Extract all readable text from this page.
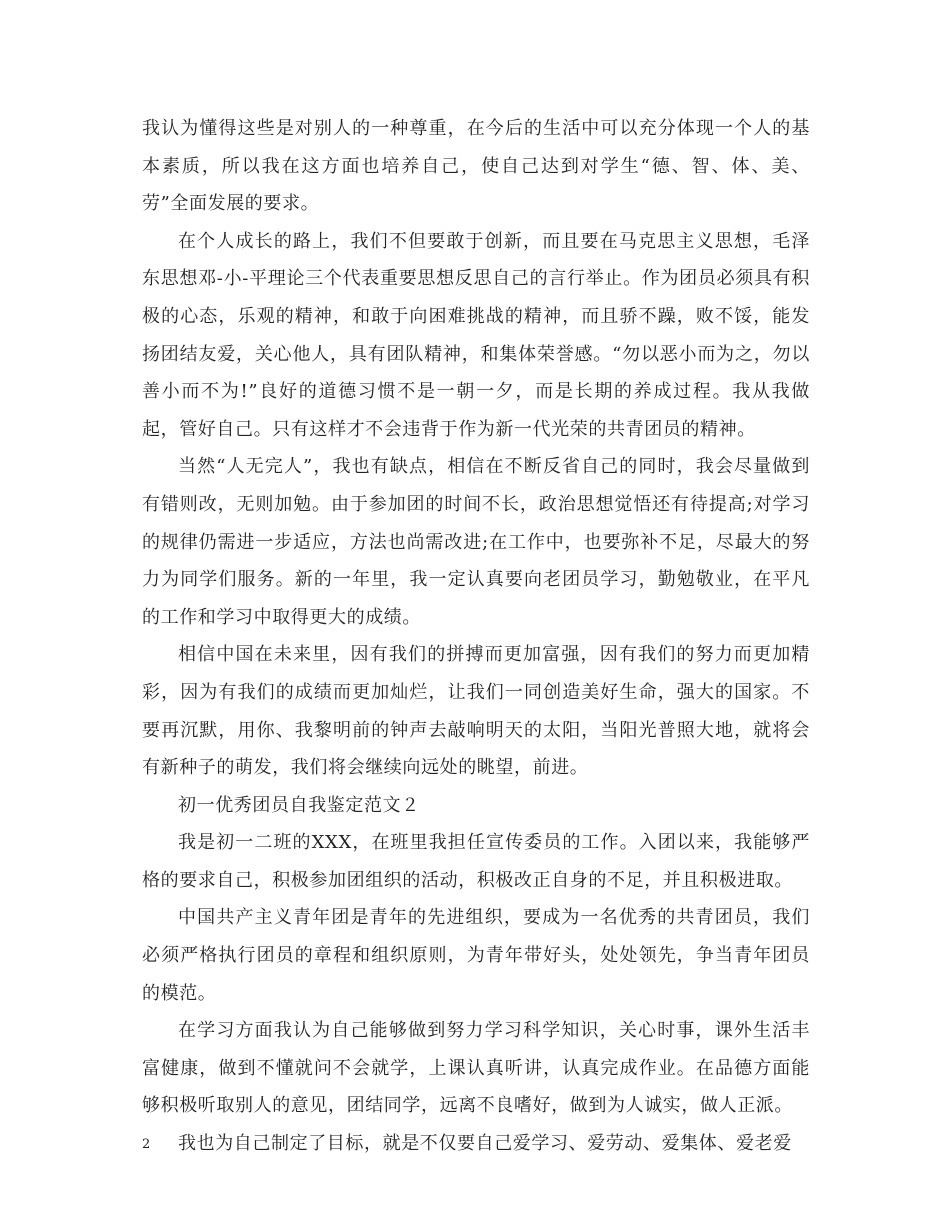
我认为懂得这些是对别人的一种尊重，在今后的生活中可以充分体现一个人的基本素质，所以我在这方面也培养自己，使自己达到对学生“德、智、体、美、劳”全面发展的要求。

在个人成长的路上，我们不但要敢于创新，而且要在马克思主义思想，毛泽东思想邓-小-平理论三个代表重要思想反思自己的言行举止。作为团员必须具有积极的心态，乐观的精神，和敢于向困难挑战的精神，而且骄不躁，败不馁，能发扬团结友爱，关心他人，具有团队精神，和集体荣誉感。“勿以恶小而为之，勿以善小而不为!”良好的道德习惯不是一朝一夕，而是长期的养成过程。我从我做起，管好自己。只有这样才不会违背于作为新一代光荣的共青团员的精神。

当然“人无完人”，我也有缺点，相信在不断反省自己的同时，我会尽量做到有错则改，无则加勉。由于参加团的时间不长，政治思想觉悟还有待提高;对学习的规律仍需进一步适应，方法也尚需改进;在工作中，也要弥补不足，尽最大的努力为同学们服务。新的一年里，我一定认真要向老团员学习，勤勉敬业，在平凡的工作和学习中取得更大的成绩。

相信中国在未来里，因有我们的拼搏而更加富强，因有我们的努力而更加精彩，因为有我们的成绩而更加灿烂，让我们一同创造美好生命，强大的国家。不要再沉默，用你、我黎明前的钟声去敲响明天的太阳，当阳光普照大地，就将会有新种子的萌发，我们将会继续向远处的眺望，前进。

初一优秀团员自我鉴定范文２

我是初一二班的XXX，在班里我担任宣传委员的工作。入团以来，我能够严格的要求自己，积极参加团组织的活动，积极改正自身的不足，并且积极进取。

中国共产主义青年团是青年的先进组织，要成为一名优秀的共青团员，我们必须严格执行团员的章程和组织原则，为青年带好头，处处领先，争当青年团员的模范。

在学习方面我认为自己能够做到努力学习科学知识，关心时事，课外生活丰富健康，做到不懂就问不会就学，上课认真听讲，认真完成作业。在品德方面能够积极听取别人的意见，团结同学，远离不良嗜好，做到为人诚实，做人正派。

我也为自己制定了目标，就是不仅要自己爱学习、爱劳动、爱集体、爱老爱

2
